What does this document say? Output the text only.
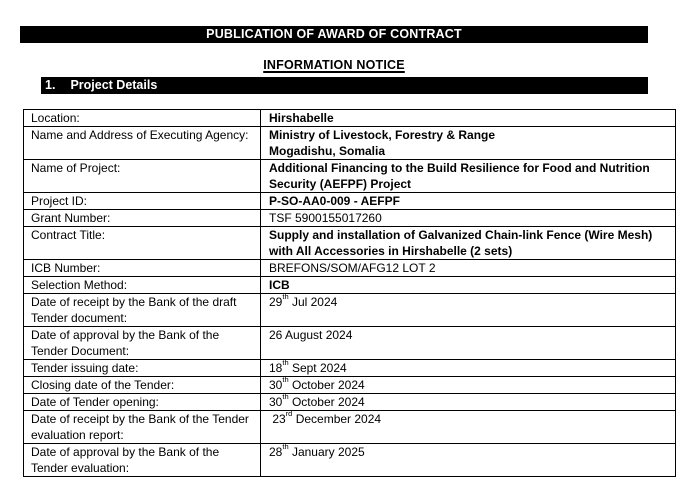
PUBLICATION OF AWARD OF CONTRACT
INFORMATION NOTICE
1. Project Details
Location:	Hirshabelle

Name and Address of Executing Agency:	Ministry of Livestock, Forestry & Range
Mogadishu, Somalia

Name of Project:	Additional Financing to the Build Resilience for Food and Nutrition
Security (AEFPF) Project

Project ID:	P-SO-AA0-009 - AEFPF

Grant Number:	TSF 5900155017260

Contract Title:	Supply and installation of Galvanized Chain-link Fence (Wire Mesh)
with All Accessories in Hirshabelle (2 sets)

ICB Number:	BREFONS/SOM/AFG12 LOT 2

Selection Method:	ICB

Date of receipt by the Bank of the draft
Tender document:	29th Jul 2024

Date of approval by the Bank of the
Tender Document:	26 August 2024

Tender issuing date:	18th Sept 2024

Closing date of the Tender:	30th October 2024

Date of Tender opening:	30th October 2024

Date of receipt by the Bank of the Tender
evaluation report:	23rd December 2024

Date of approval by the Bank of the
Tender evaluation:	28th January 2025
